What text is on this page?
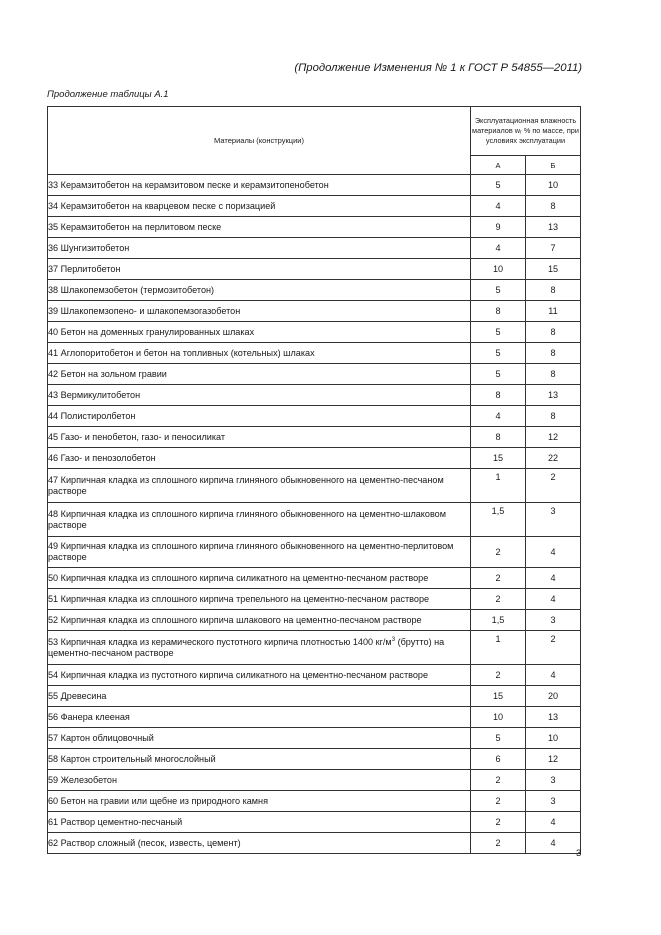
(Продолжение Изменения № 1 к ГОСТ Р 54855—2011)
Продолжение таблицы А.1
Материалы (конструкции)	Эксплуатационная влажность материалов wᵣ % по массе, при условиях эксплуатации	
	А	Б
33 Керамзитобетон на керамзитовом песке и керамзитопенобетон	5	10
34 Керамзитобетон на кварцевом песке с поризацией	4	8
35 Керамзитобетон на перлитовом песке	9	13
36 Шунгизитобетон	4	7
37 Перлитобетон	10	15
38 Шлакопемзобетон (термозитобетон)	5	8
39 Шлакопемзопено- и шлакопемзогазобетон	8	11
40 Бетон на доменных гранулированных шлаках	5	8
41 Аглопоритобетон и бетон на топливных (котельных) шлаках	5	8
42 Бетон на зольном гравии	5	8
43 Вермикулитобетон	8	13
44 Полистиролбетон	4	8
45 Газо- и пенобетон, газо- и пеносиликат	8	12
46 Газо- и пенозолобетон	15	22
47 Кирпичная кладка из сплошного кирпича глиняного обыкновенного на цементно-песчаном растворе	1	2
48 Кирпичная кладка из сплошного кирпича глиняного обыкновенного на цементно-шлаковом растворе	1,5	3
49 Кирпичная кладка из сплошного кирпича глиняного обыкновенного на цементно-перлитовом растворе	2	4
50 Кирпичная кладка из сплошного кирпича силикатного на цементно-песчаном растворе	2	4
51 Кирпичная кладка из сплошного кирпича трепельного на цементно-песчаном растворе	2	4
52 Кирпичная кладка из сплошного кирпича шлакового на цементно-песчаном растворе	1,5	3
53 Кирпичная кладка из керамического пустотного кирпича плотностью 1400 $кг/м^3$ (брутто) на цементно-песчаном растворе	1	2
54 Кирпичная кладка из пустотного кирпича силикатного на цементно-песчаном растворе	2	4
55 Древесина	15	20
56 Фанера клееная	10	13
57 Картон облицовочный	5	10
58 Картон строительный многослойный	6	12
59 Железобетон	2	3
60 Бетон на гравии или щебне из природного камня	2	3
61 Раствор цементно-песчаный	2	4
62 Раствор сложный (песок, известь, цемент)	2	4
3
